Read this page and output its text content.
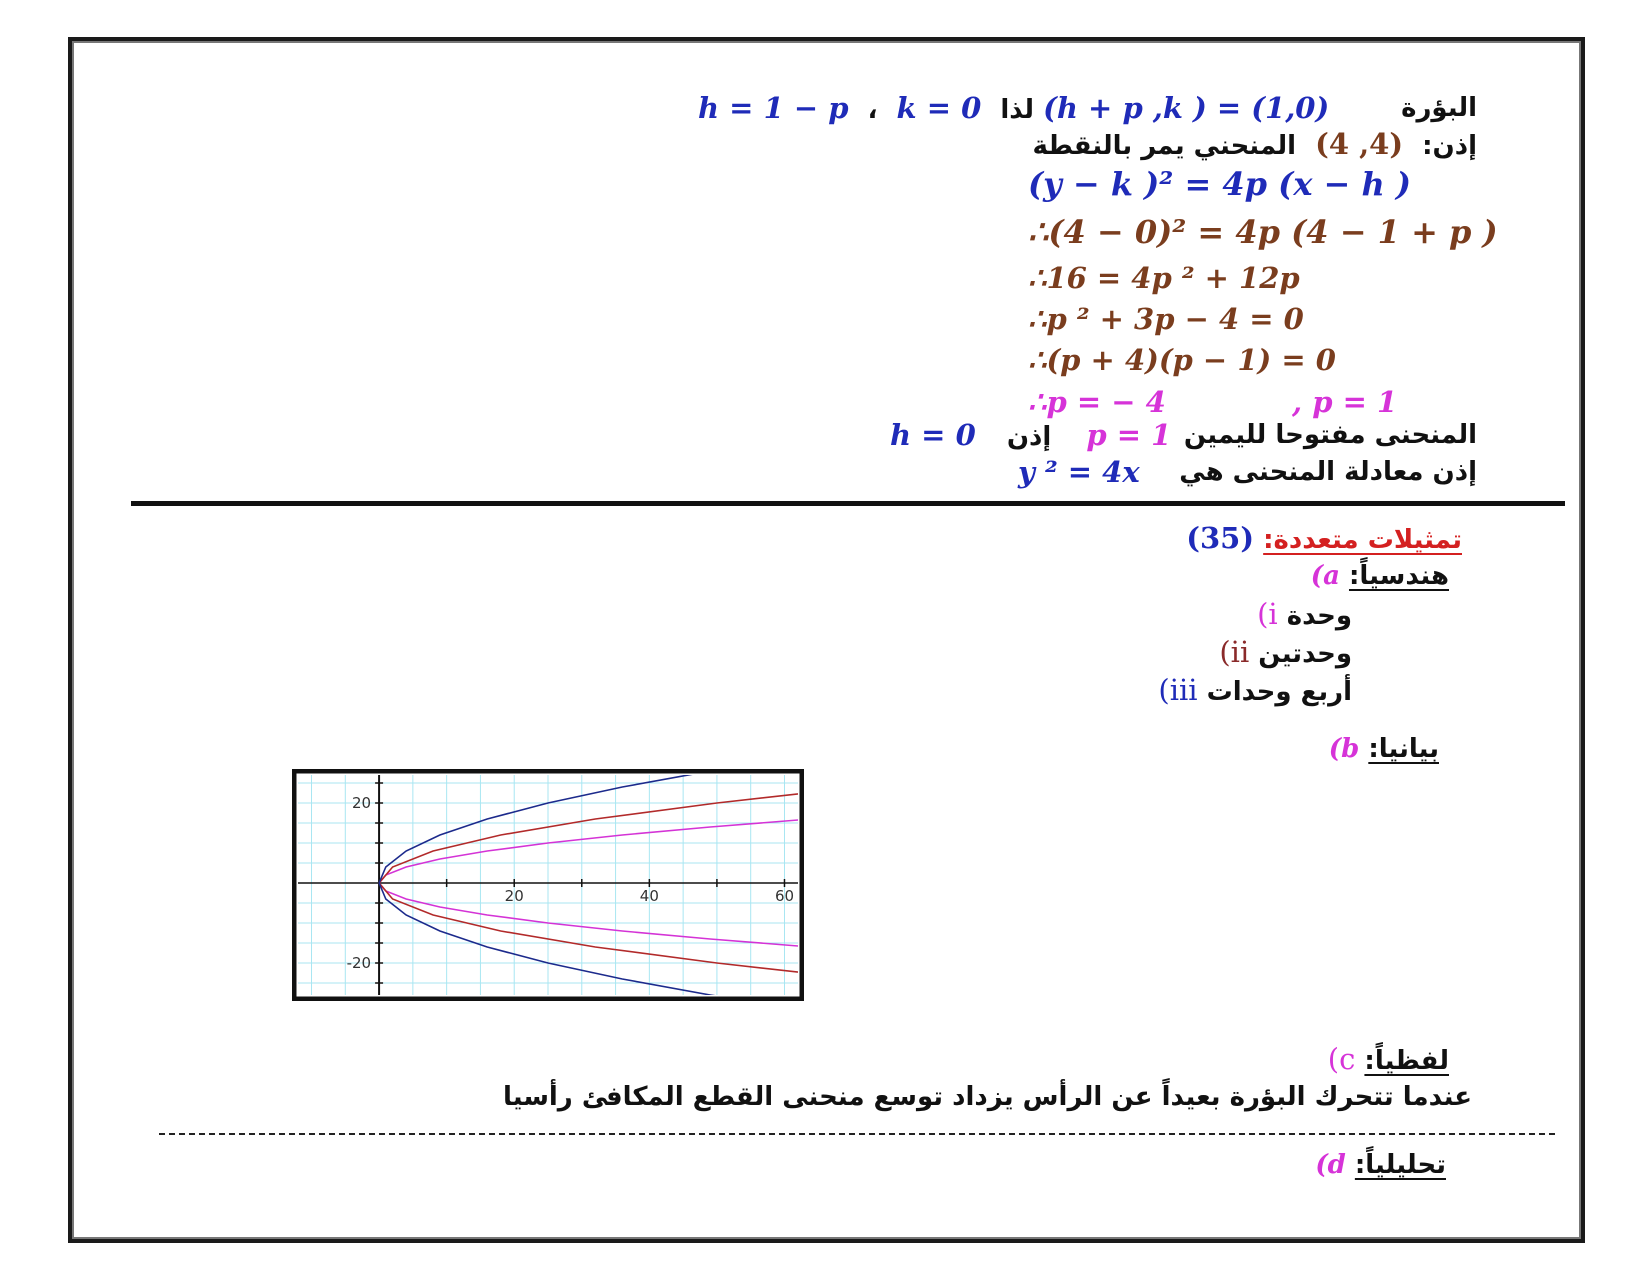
البؤرة
h = 1 − p ، k = 0 لذا (h + p ,k ) = (1,0)
المنحني يمر بالنقطة (4 ,4) إذن:
(y − k )² = 4p (x − h )
∴(4 − 0)² = 4p (4 − 1 + p )
∴16 = 4p ² + 12p
∴p ² + 3p − 4 = 0
∴(p + 4)(p − 1) = 0
∴p = − 4	, p = 1
المنحنى مفتوحا لليمين
h = 0 إذن p = 1
إذن معادلة المنحنى هي
y ² = 4x
(35) تمثيلات متعددة:
(a هندسياً:
(i وحدة
(ii وحدتين
(iii أربع وحدات
(b بيانيا:
20	40	60
20
-20
(c لفظياً:
عندما تتحرك البؤرة بعيداً عن الرأس يزداد توسع منحنى القطع المكافئ رأسيا
(d تحليلياً:
